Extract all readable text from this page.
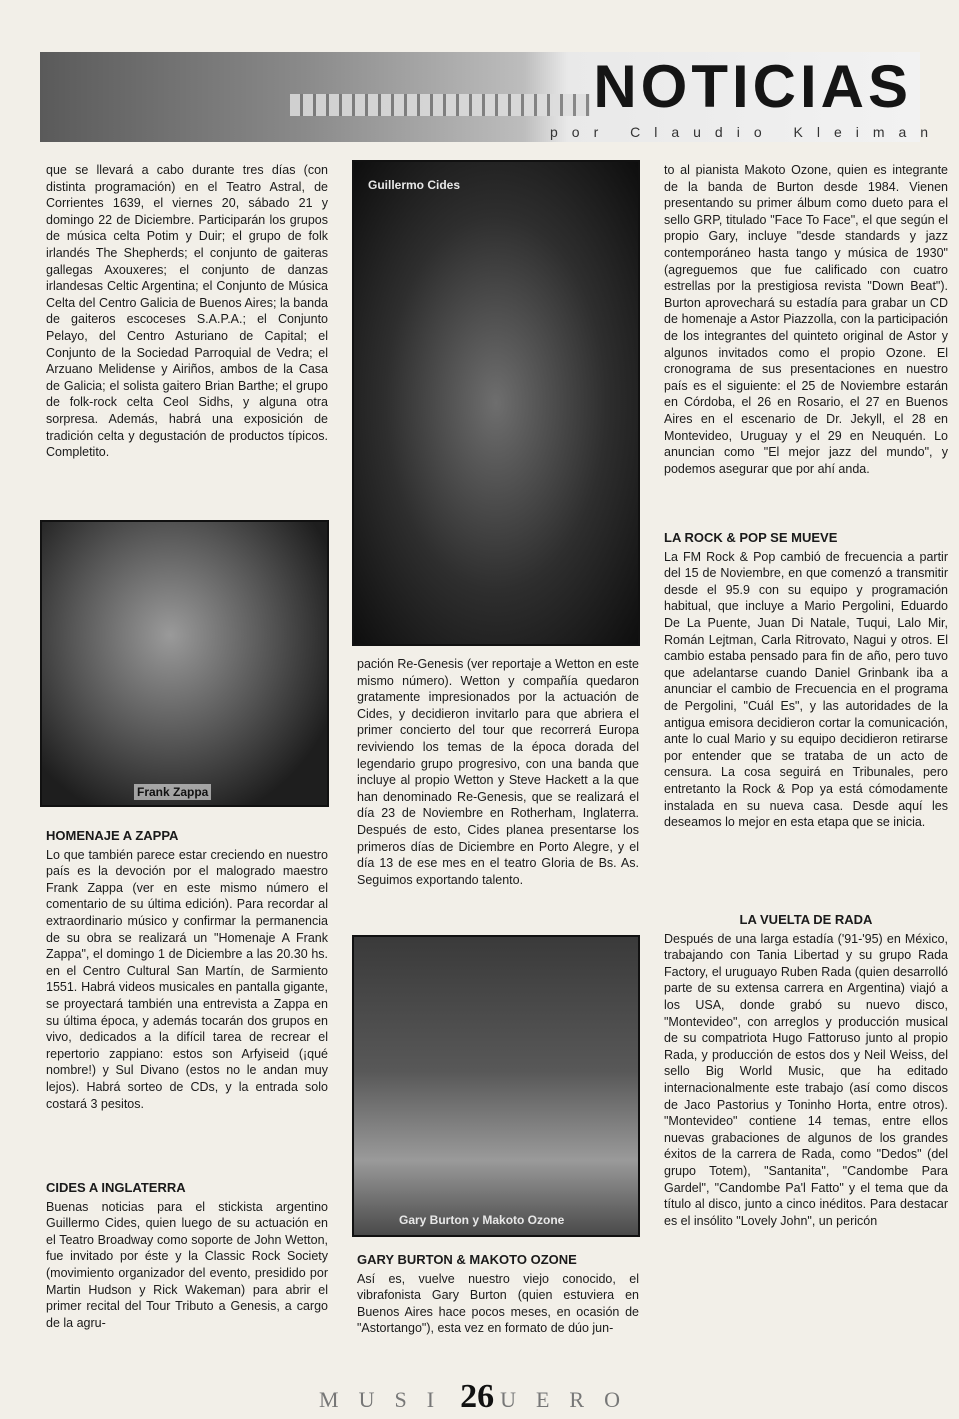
NOTICIAS
por Claudio Kleiman

que se llevará a cabo durante tres días (con distinta programación) en el Teatro Astral, de Corrientes 1639, el viernes 20, sábado 21 y domingo 22 de Diciembre. Participarán los grupos de música celta Potim y Duir; el grupo de folk irlandés The Shepherds; el conjunto de gaiteras gallegas Axouxeres; el conjunto de danzas irlandesas Celtic Argentina; el Conjunto de Música Celta del Centro Galicia de Buenos Aires; la banda de gaiteros escoceses S.A.P.A.; el Conjunto Pelayo, del Centro Asturiano de Capital; el Conjunto de la Sociedad Parroquial de Vedra; el Arzuano Melidense y Airiños, ambos de la Casa de Galicia; el solista gaitero Brian Barthe; el grupo de folk-rock celta Ceol Sidhs, y alguna otra sorpresa. Además, habrá una exposición de tradición celta y degustación de productos típicos. Completito.

Frank Zappa
HOMENAJE A ZAPPA

Lo que también parece estar creciendo en nuestro país es la devoción por el malogrado maestro Frank Zappa (ver en este mismo número el comentario de su última edición). Para recordar al extraordinario músico y confirmar la permanencia de su obra se realizará un "Homenaje A Frank Zappa", el domingo 1 de Diciembre a las 20.30 hs. en el Centro Cultural San Martín, de Sarmiento 1551. Habrá videos musicales en pantalla gigante, se proyectará también una entrevista a Zappa en su última época, y además tocarán dos grupos en vivo, dedicados a la difícil tarea de recrear el repertorio zappiano: estos son Arfyiseid (¡qué nombre!) y Sul Divano (estos no le andan muy lejos). Habrá sorteo de CDs, y la entrada solo costará 3 pesitos.

CIDES A INGLATERRA

Buenas noticias para el stickista argentino Guillermo Cides, quien luego de su actuación en el Teatro Broadway como soporte de John Wetton, fue invitado por éste y la Classic Rock Society (movimiento organizador del evento, presidido por Martin Hudson y Rick Wakeman) para abrir el primer recital del Tour Tributo a Genesis, a cargo de la agru-

Guillermo Cides

pación Re-Genesis (ver reportaje a Wetton en este mismo número). Wetton y compañía quedaron gratamente impresionados por la actuación de Cides, y decidieron invitarlo para que abriera el primer concierto del tour que recorrerá Europa reviviendo los temas de la época dorada del legendario grupo progresivo, con una banda que incluye al propio Wetton y Steve Hackett a la que han denominado Re-Genesis, que se realizará el día 23 de Noviembre en Rotherham, Inglaterra. Después de esto, Cides planea presentarse los primeros días de Diciembre en Porto Alegre, y el día 13 de ese mes en el teatro Gloria de Bs. As. Seguimos exportando talento.

Gary Burton y Makoto Ozone
GARY BURTON & MAKOTO OZONE

Así es, vuelve nuestro viejo conocido, el vibrafonista Gary Burton (quien estuviera en Buenos Aires hace pocos meses, en ocasión de "Astortango"), esta vez en formato de dúo jun-

to al pianista Makoto Ozone, quien es integrante de la banda de Burton desde 1984. Vienen presentando su primer álbum como dueto para el sello GRP, titulado "Face To Face", el que según el propio Gary, incluye "desde standards y jazz contemporáneo hasta tango y música de 1930" (agreguemos que fue calificado con cuatro estrellas por la prestigiosa revista "Down Beat"). Burton aprovechará su estadía para grabar un CD de homenaje a Astor Piazzolla, con la participación de los integrantes del quinteto original de Astor y algunos invitados como el propio Ozone. El cronograma de sus presentaciones en nuestro país es el siguiente: el 25 de Noviembre estarán en Córdoba, el 26 en Rosario, el 27 en Buenos Aires en el escenario de Dr. Jekyll, el 28 en Montevideo, Uruguay y el 29 en Neuquén. Lo anuncian como "El mejor jazz del mundo", y podemos asegurar que por ahí anda.

LA ROCK & POP SE MUEVE

La FM Rock & Pop cambió de frecuencia a partir del 15 de Noviembre, en que comenzó a transmitir desde el 95.9 con su equipo y programación habitual, que incluye a Mario Pergolini, Eduardo De La Puente, Juan Di Natale, Tuqui, Lalo Mir, Román Lejtman, Carla Ritrovato, Nagui y otros. El cambio estaba pensado para fin de año, pero tuvo que adelantarse cuando Daniel Grinbank iba a anunciar el cambio de Frecuencia en el programa de Pergolini, "Cuál Es", y las autoridades de la antigua emisora decidieron cortar la comunicación, ante lo cual Mario y su equipo decidieron retirarse por entender que se trataba de un acto de censura. La cosa seguirá en Tribunales, pero entretanto la Rock & Pop ya está cómodamente instalada en su nueva casa. Desde aquí les deseamos lo mejor en esta etapa que se inicia.

LA VUELTA DE RADA

Después de una larga estadía ('91-'95) en México, trabajando con Tania Libertad y su grupo Rada Factory, el uruguayo Ruben Rada (quien desarrolló parte de su extensa carrera en Argentina) viajó a los USA, donde grabó su nuevo disco, "Montevideo", con arreglos y producción musical de su compatriota Hugo Fattoruso junto al propio Rada, y producción de estos dos y Neil Weiss, del sello Big World Music, que ha editado internacionalmente este trabajo (así como discos de Jaco Pastorius y Toninho Horta, entre otros). "Montevideo" contiene 14 temas, entre ellos nuevas grabaciones de algunos de los grandes éxitos de la carrera de Rada, como "Dedos" (del grupo Totem), "Santanita", "Candombe Para Gardel", "Candombe Pa'l Fatto" y el tema que da título al disco, junto a cinco inéditos. Para destacar es el insólito "Lovely John", un pericón

MUSI 26 UERO
